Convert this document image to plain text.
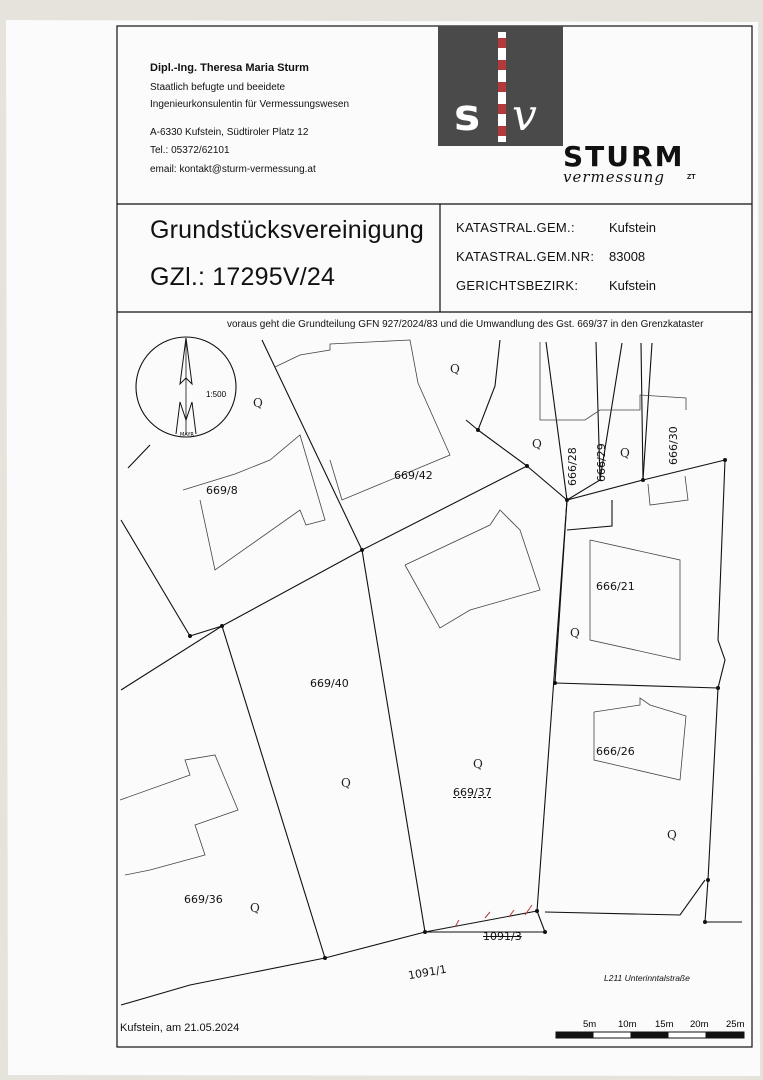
s v
STURM
vermessung	ZT
Dipl.-Ing. Theresa Maria Sturm
Staatlich befugte und beeidete
Ingenieurkonsulentin für Vermessungswesen
A-6330 Kufstein, Südtiroler Platz 12
Tel.: 05372/62101
email: kontakt@sturm-vermessung.at
Grundstücksvereinigung
GZl.: 17295V/24
KATASTRAL.GEM.:	Kufstein
KATASTRAL.GEM.NR: 83008
GERICHTSBEZIRK: Kufstein
voraus geht die Grundteilung GFN 927/2024/83 und die Umwandlung des Gst. 669/37 in den Grenzkataster
MAYR
1:500
669/42
669/8
669/40
669/37
669/36
666/21
666/26
666/28 666/29	666/30
1091/1
1091/3
Q
Q
Q
Q
Q
Q
Q
Q
Q
L211 Unterinntalstraße
Kufstein, am 21.05.2024	5m 10m 15m 20m 25m
